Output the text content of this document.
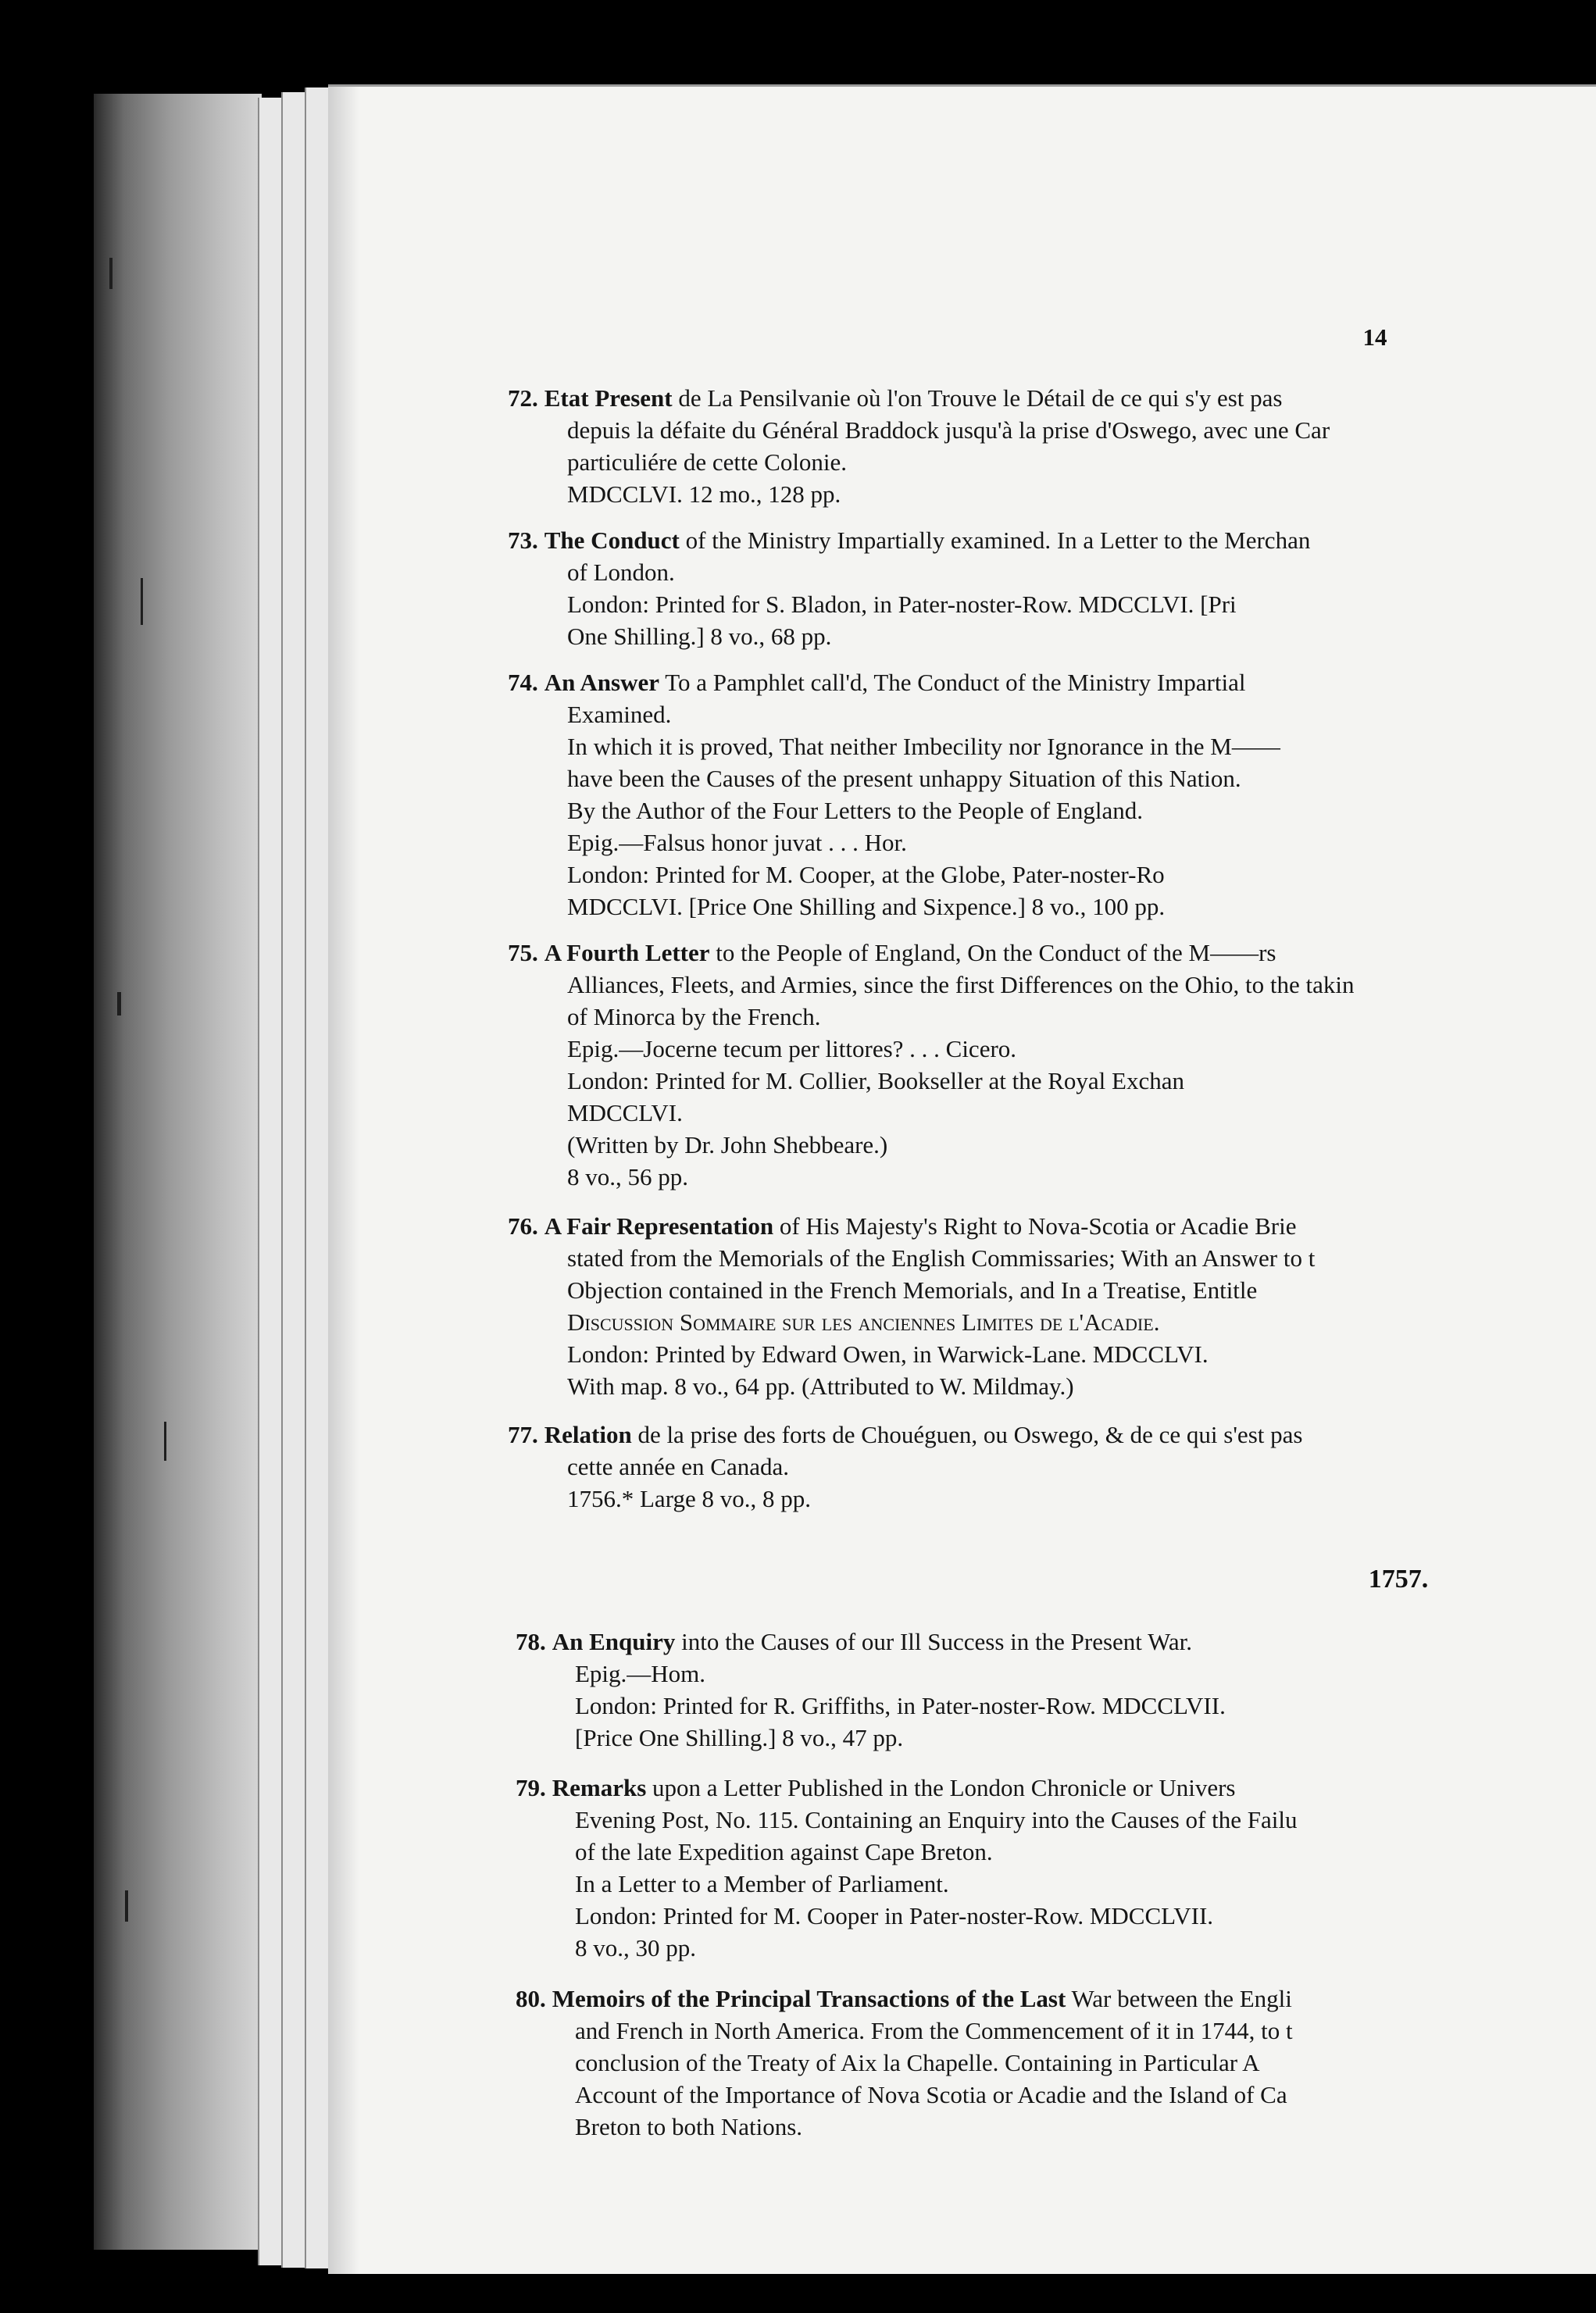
14
72. Etat Present de La Pensilvanie où l'on Trouve le Détail de ce qui s'y est pas
depuis la défaite du Général Braddock jusqu'à la prise d'Oswego, avec une Car
particuliére de cette Colonie.
MDCCLVI. 12 mo., 128 pp.
73. The Conduct of the Ministry Impartially examined. In a Letter to the Merchan
of London.
London: Printed for S. Bladon, in Pater-noster-Row. MDCCLVI. [Pri
One Shilling.] 8 vo., 68 pp.
74. An Answer To a Pamphlet call'd, The Conduct of the Ministry Impartial
Examined.
In which it is proved, That neither Imbecility nor Ignorance in the M——
have been the Causes of the present unhappy Situation of this Nation.
By the Author of the Four Letters to the People of England.
Epig.—Falsus honor juvat . . . Hor.
London: Printed for M. Cooper, at the Globe, Pater-noster-Ro
MDCCLVI. [Price One Shilling and Sixpence.] 8 vo., 100 pp.
75. A Fourth Letter to the People of England, On the Conduct of the M——rs
Alliances, Fleets, and Armies, since the first Differences on the Ohio, to the takin
of Minorca by the French.
Epig.—Jocerne tecum per littores? . . . Cicero.
London: Printed for M. Collier, Bookseller at the Royal Exchan
MDCCLVI.
(Written by Dr. John Shebbeare.)
8 vo., 56 pp.
76. A Fair Representation of His Majesty's Right to Nova-Scotia or Acadie Brie
stated from the Memorials of the English Commissaries; With an Answer to t
Objection contained in the French Memorials, and In a Treatise, Entitle
Discussion Sommaire sur les anciennes Limites de l'Acadie.
London: Printed by Edward Owen, in Warwick-Lane. MDCCLVI.
With map. 8 vo., 64 pp. (Attributed to W. Mildmay.)
77. Relation de la prise des forts de Chouéguen, ou Oswego, & de ce qui s'est pas
cette année en Canada.
1756.* Large 8 vo., 8 pp.
1757.
78. An Enquiry into the Causes of our Ill Success in the Present War.
Epig.—Hom.
London: Printed for R. Griffiths, in Pater-noster-Row. MDCCLVII.
[Price One Shilling.] 8 vo., 47 pp.
79. Remarks upon a Letter Published in the London Chronicle or Univers
Evening Post, No. 115. Containing an Enquiry into the Causes of the Failu
of the late Expedition against Cape Breton.
In a Letter to a Member of Parliament.
London: Printed for M. Cooper in Pater-noster-Row. MDCCLVII.
8 vo., 30 pp.
80. Memoirs of the Principal Transactions of the Last War between the Engli
and French in North America. From the Commencement of it in 1744, to t
conclusion of the Treaty of Aix la Chapelle. Containing in Particular A
Account of the Importance of Nova Scotia or Acadie and the Island of Ca
Breton to both Nations.
